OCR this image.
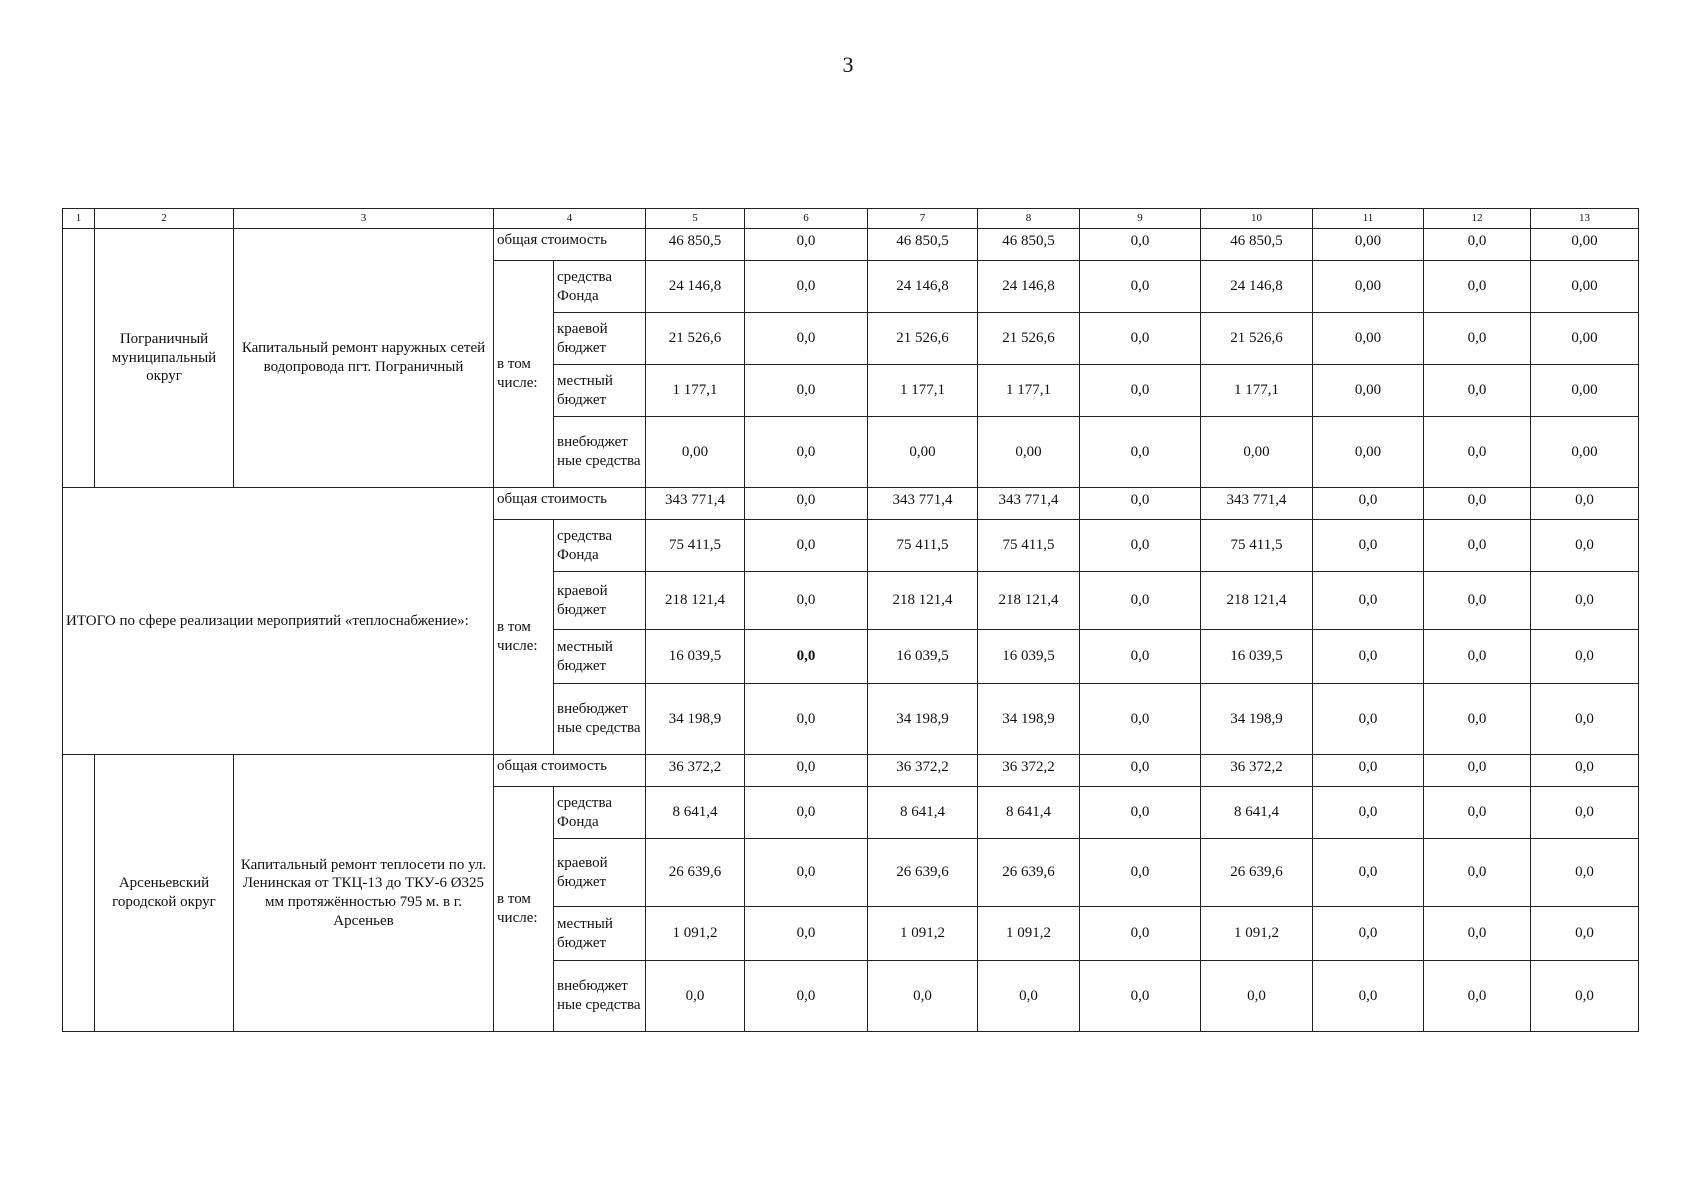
3
1	2	3	4		5	6	7	8	9	10	11	12	13
	Пограничный муниципальный округ	Капитальный ремонт наружных сетей водопровода пгт. Пограничный	общая стоимость		46 850,5	0,0	46 850,5	46 850,5	0,0	46 850,5	0,00	0,0	0,00
			в том числе:	средства Фонда	24 146,8	0,0	24 146,8	24 146,8	0,0	24 146,8	0,00	0,0	0,00
				краевой бюджет	21 526,6	0,0	21 526,6	21 526,6	0,0	21 526,6	0,00	0,0	0,00
				местный бюджет	1 177,1	0,0	1 177,1	1 177,1	0,0	1 177,1	0,00	0,0	0,00
				внебюджет ные средства	0,00	0,0	0,00	0,00	0,0	0,00	0,00	0,0	0,00
ИТОГО по сфере реализации мероприятий «теплоснабжение»:			общая стоимость		343 771,4	0,0	343 771,4	343 771,4	0,0	343 771,4	0,0	0,0	0,0
			в том числе:	средства Фонда	75 411,5	0,0	75 411,5	75 411,5	0,0	75 411,5	0,0	0,0	0,0
				краевой бюджет	218 121,4	0,0	218 121,4	218 121,4	0,0	218 121,4	0,0	0,0	0,0
				местный бюджет	16 039,5	0,0	16 039,5	16 039,5	0,0	16 039,5	0,0	0,0	0,0
				внебюджет ные средства	34 198,9	0,0	34 198,9	34 198,9	0,0	34 198,9	0,0	0,0	0,0
	Арсеньевский городской округ	Капитальный ремонт теплосети по ул. Ленинская от ТКЦ-13 до ТКУ-6 Ø325 мм протяжённостью 795 м. в г. Арсеньев	общая стоимость		36 372,2	0,0	36 372,2	36 372,2	0,0	36 372,2	0,0	0,0	0,0
			в том числе:	средства Фонда	8 641,4	0,0	8 641,4	8 641,4	0,0	8 641,4	0,0	0,0	0,0
				краевой бюджет	26 639,6	0,0	26 639,6	26 639,6	0,0	26 639,6	0,0	0,0	0,0
				местный бюджет	1 091,2	0,0	1 091,2	1 091,2	0,0	1 091,2	0,0	0,0	0,0
				внебюджет ные средства	0,0	0,0	0,0	0,0	0,0	0,0	0,0	0,0	0,0
